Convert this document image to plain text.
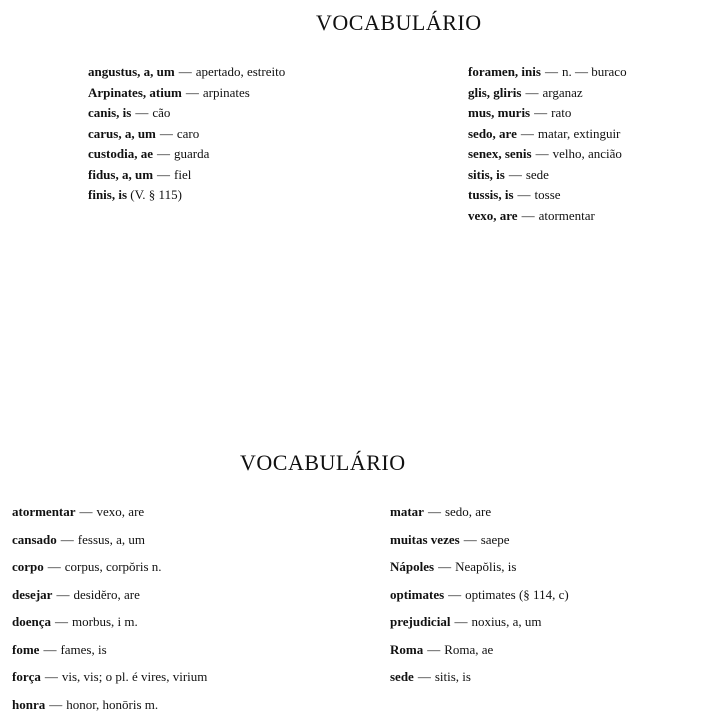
VOCABULÁRIO
angustus, a, um — apertado, estreito
Arpinates, atium — arpinates
canis, is — cão
carus, a, um — caro
custodia, ae — guarda
fidus, a, um — fiel
finis, is (V. § 115)
foramen, inis — n. — buraco
glis, gliris — arganaz
mus, muris — rato
sedo, are — matar, extinguir
senex, senis — velho, ancião
sitis, is — sede
tussis, is — tosse
vexo, are — atormentar
VOCABULÁRIO
atormentar — vexo, are
cansado — fessus, a, um
corpo — corpus, corpŏris n.
desejar — desidĕro, are
doença — morbus, i m.
fome — fames, is
força — vis, vis; o pl. é vires, virium
honra — honor, honōris m.
matar — sedo, are
muitas vezes — saepe
Nápoles — Neapŏlis, is
optimates — optimates (§ 114, c)
prejudicial — noxius, a, um
Roma — Roma, ae
sede — sitis, is
